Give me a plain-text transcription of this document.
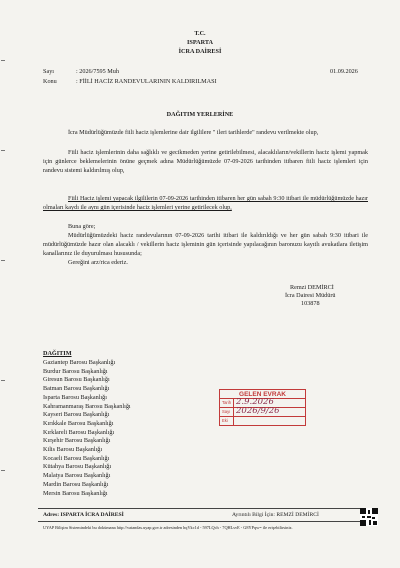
T.C.
ISPARTA
İCRA DAİRESİ
Sayı	: 2026/7595 Muh	01.09.2026
Konu	: FİİLİ HACİZ RANDEVULARININ KALDIRILMASI
DAĞITIM YERLERİNE
İcra Müdürlüğümüzde fiili haciz işlemlerine dair ilgililere " ileri tarihlerde" randevu verilmekte olup,
Fiili haciz işlemlerinin daha sağlıklı ve gecikmeden yerine getirilebilmesi, alacaklıların/vekillerin haciz işlemi yapmak için günlerce beklemelerinin önüne geçmek adına Müdürlüğümüzde 07-09-2026 tarihinden itibaren fiili haciz işlemleri için randevu sistemi kaldırılmış olup,
Fiili Haciz işlemi yapacak ilgililerin 07-09-2026 tarihinden itibaren her gün sabah 9:30 itibari ile müdürlüğümüzde hazır olmaları kaydı ile aynı gün içerisinde haciz işlemleri yerine getirilecek olup,
Buna göre;
Müdürlüğümüzdeki haciz randevularının 07-09-2026 tarihi itibari ile kaldırıldığı ve her gün sabah 9:30 itibari ile müdürlüğümüzde hazır olan alacaklı / vekillerin haciz işleminin gün içerisinde yapılacağının baronuzu kayıtlı avukatlara iletişim kanallarınız ile duyurulması hususunda;
Gereğini arz/rica ederiz.
Remzi DEMİRCİ
İcra Dairesi Müdürü
103878
DAĞITIM
Gaziantep Barosu Başkanlığı
Burdur Barosu Başkanlığı
Giresun Barosu Başkanlığı
Batman Barosu Başkanlığı
Isparta Barosu Başkanlığı
Kahramanmaraş Barosu Başkanlığı
Kayseri Barosu Başkanlığı
Kırıkkale Barosu Başkanlığı
Kırklareli Barosu Başkanlığı
Kırşehir Barosu Başkanlığı
Kilis Barosu Başkanlığı
Kocaeli Barosu Başkanlığı
Kütahya Barosu Başkanlığı
Malatya Barosu Başkanlığı
Mardin Barosu Başkanlığı
Mersin Barosu Başkanlığı
GELEN EVRAK
Tarih 2.9.2026
Sayı 2026/9/26
Eki
Adres: ISPARTA İCRA DAİRESİ	Ayrıntılı Bilgi İçin: REMZİ DEMİRCİ
UYAP Bilişim Sistemindeki bu dokümana http://vatandas.uyap.gov.tr adresinden hqVkc1d - 597LQch - 7QHLsvE - G8YPqw= ile erişebilirsiniz.
